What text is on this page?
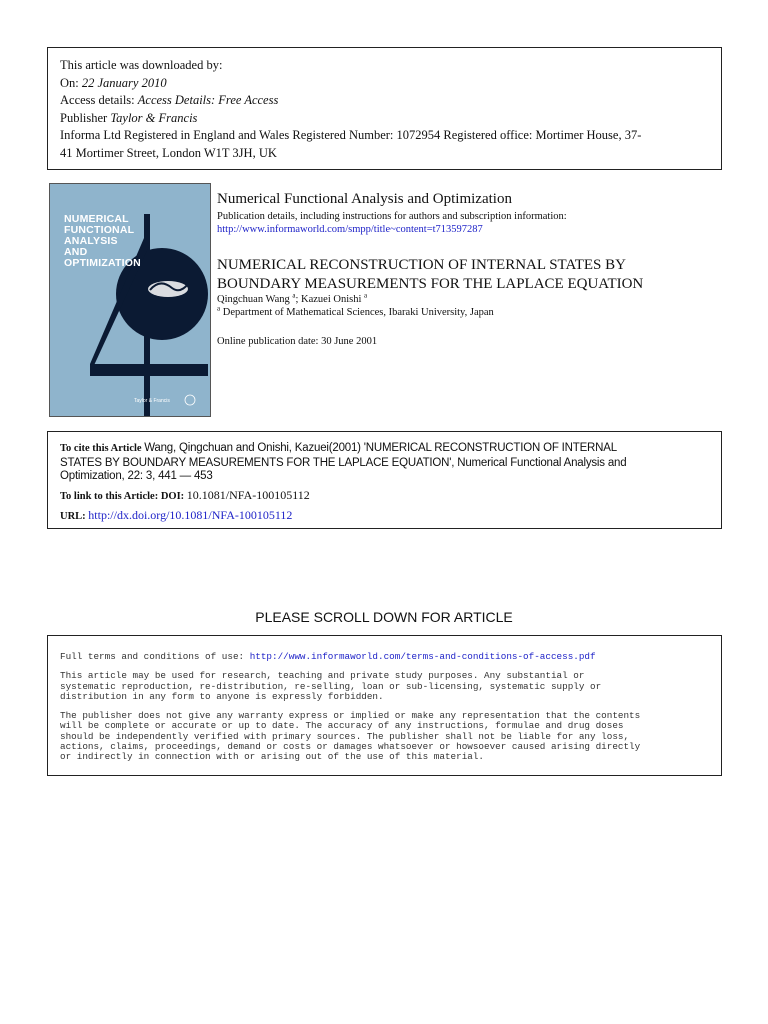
This article was downloaded by:
On: 22 January 2010
Access details: Access Details: Free Access
Publisher Taylor & Francis
Informa Ltd Registered in England and Wales Registered Number: 1072954 Registered office: Mortimer House, 37-
41 Mortimer Street, London W1T 3JH, UK
NUMERICAL
FUNCTIONAL
ANALYSIS
AND
OPTIMIZATION
Taylor & Francis
Numerical Functional Analysis and Optimization
Publication details, including instructions for authors and subscription information:
http://www.informaworld.com/smpp/title~content=t713597287
NUMERICAL RECONSTRUCTION OF INTERNAL STATES BY
BOUNDARY MEASUREMENTS FOR THE LAPLACE EQUATION
Qingchuan Wang $^a$; Kazuei Onishi $^a$
$^a$ Department of Mathematical Sciences, Ibaraki University, Japan
Online publication date: 30 June 2001
To cite this Article Wang, Qingchuan and Onishi, Kazuei(2001) 'NUMERICAL RECONSTRUCTION OF INTERNAL
STATES BY BOUNDARY MEASUREMENTS FOR THE LAPLACE EQUATION', Numerical Functional Analysis and
Optimization, 22: 3, 441 — 453
To link to this Article: DOI: 10.1081/NFA-100105112
URL: http://dx.doi.org/10.1081/NFA-100105112
PLEASE SCROLL DOWN FOR ARTICLE

Full terms and conditions of use: http://www.informaworld.com/terms-and-conditions-of-access.pdf

This article may be used for research, teaching and private study purposes. Any substantial or
systematic reproduction, re-distribution, re-selling, loan or sub-licensing, systematic supply or
distribution in any form to anyone is expressly forbidden.

The publisher does not give any warranty express or implied or make any representation that the contents
will be complete or accurate or up to date. The accuracy of any instructions, formulae and drug doses
should be independently verified with primary sources. The publisher shall not be liable for any loss,
actions, claims, proceedings, demand or costs or damages whatsoever or howsoever caused arising directly
or indirectly in connection with or arising out of the use of this material.
